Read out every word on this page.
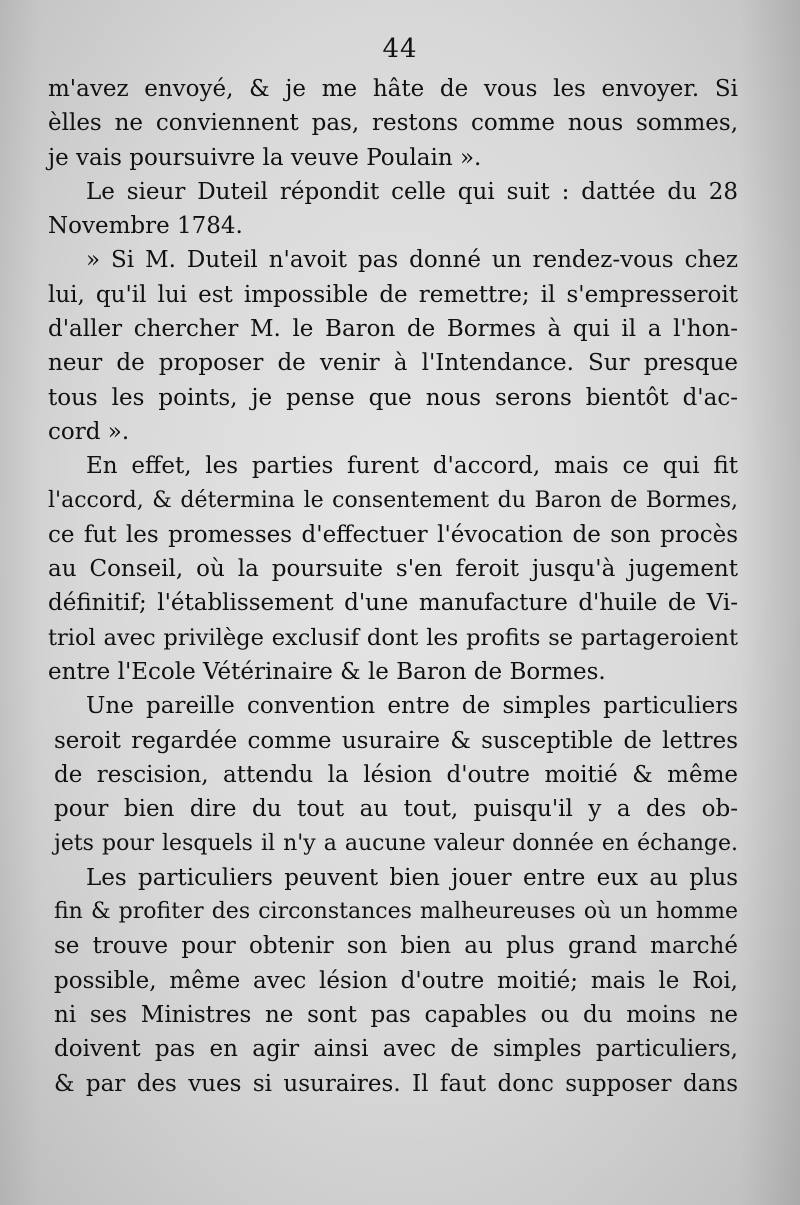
44
m'avez envoyé, & je me hâte de vous les envoyer. Si
èlles ne conviennent pas, restons comme nous sommes,
je vais poursuivre la veuve Poulain ».
Le sieur Duteil répondit celle qui suit : dattée du 28
Novembre 1784.
» Si M. Duteil n'avoit pas donné un rendez-vous chez
lui, qu'il lui est impossible de remettre; il s'empresseroit
d'aller chercher M. le Baron de Bormes à qui il a l'hon-
neur de proposer de venir à l'Intendance. Sur presque
tous les points, je pense que nous serons bientôt d'ac-
cord ».
En effet, les parties furent d'accord, mais ce qui fit
l'accord, & détermina le consentement du Baron de Bormes,
ce fut les promesses d'effectuer l'évocation de son procès
au Conseil, où la poursuite s'en feroit jusqu'à jugement
définitif; l'établissement d'une manufacture d'huile de Vi-
triol avec privilège exclusif dont les profits se partageroient
entre l'Ecole Vétérinaire & le Baron de Bormes.
Une pareille convention entre de simples particuliers
seroit regardée comme usuraire & susceptible de lettres
de rescision, attendu la lésion d'outre moitié & même
pour bien dire du tout au tout, puisqu'il y a des ob-
jets pour lesquels il n'y a aucune valeur donnée en échange.
Les particuliers peuvent bien jouer entre eux au plus
fin & profiter des circonstances malheureuses où un homme
se trouve pour obtenir son bien au plus grand marché
possible, même avec lésion d'outre moitié; mais le Roi,
ni ses Ministres ne sont pas capables ou du moins ne
doivent pas en agir ainsi avec de simples particuliers,
& par des vues si usuraires. Il faut donc supposer dans
